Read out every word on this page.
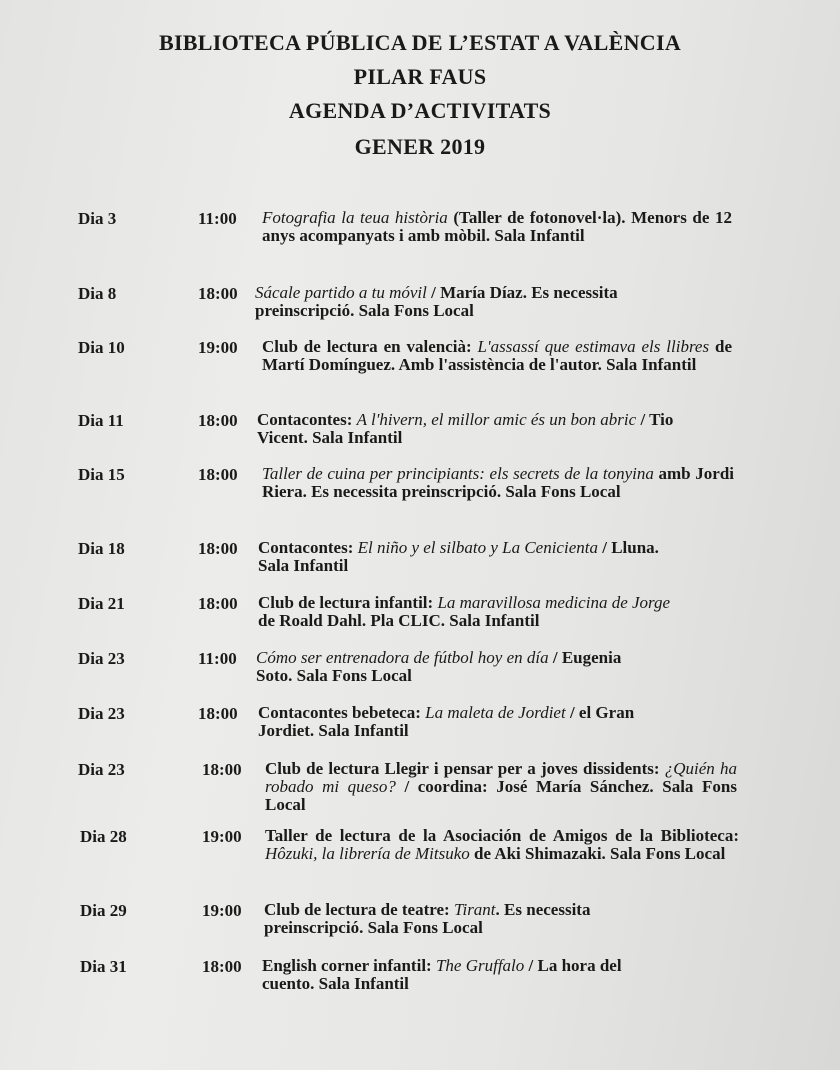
BIBLIOTECA PÚBLICA DE L’ESTAT A VALÈNCIA
PILAR FAUS
AGENDA D’ACTIVITATS
GENER 2019
Dia 3	11:00 Fotografia la teua història (Taller de fotonovel·la). Menors de 12 anys acompanyats i amb mòbil. Sala Infantil
Dia 8	18:00 Sácale partido a tu móvil / María Díaz. Es necessita preinscripció. Sala Fons Local
Dia 10	19:00 Club de lectura en valencià: L'assassí que estimava els llibres de Martí Domínguez. Amb l'assistència de l'autor. Sala Infantil
Dia 11	18:00 Contacontes: A l'hivern, el millor amic és un bon abric / Tio Vicent. Sala Infantil
Dia 15	18:00 Taller de cuina per principiants: els secrets de la tonyina amb Jordi Riera. Es necessita preinscripció. Sala Fons Local
Dia 18	18:00 Contacontes: El niño y el silbato y La Cenicienta / Lluna. Sala Infantil
Dia 21	18:00 Club de lectura infantil: La maravillosa medicina de Jorge de Roald Dahl. Pla CLIC. Sala Infantil
Dia 23	11:00 Cómo ser entrenadora de fútbol hoy en día / Eugenia Soto. Sala Fons Local
Dia 23	18:00 Contacontes bebeteca: La maleta de Jordiet / el Gran Jordiet. Sala Infantil
Dia 23	18:00 Club de lectura Llegir i pensar per a joves dissidents: ¿Quién ha robado mi queso? / coordina: José María Sánchez. Sala Fons Local
Dia 28	19:00 Taller de lectura de la Asociación de Amigos de la Biblioteca: Hôzuki, la librería de Mitsuko de Aki Shimazaki. Sala Fons Local
Dia 29	19:00 Club de lectura de teatre: Tirant. Es necessita preinscripció. Sala Fons Local
Dia 31	18:00 English corner infantil: The Gruffalo / La hora del cuento. Sala Infantil
